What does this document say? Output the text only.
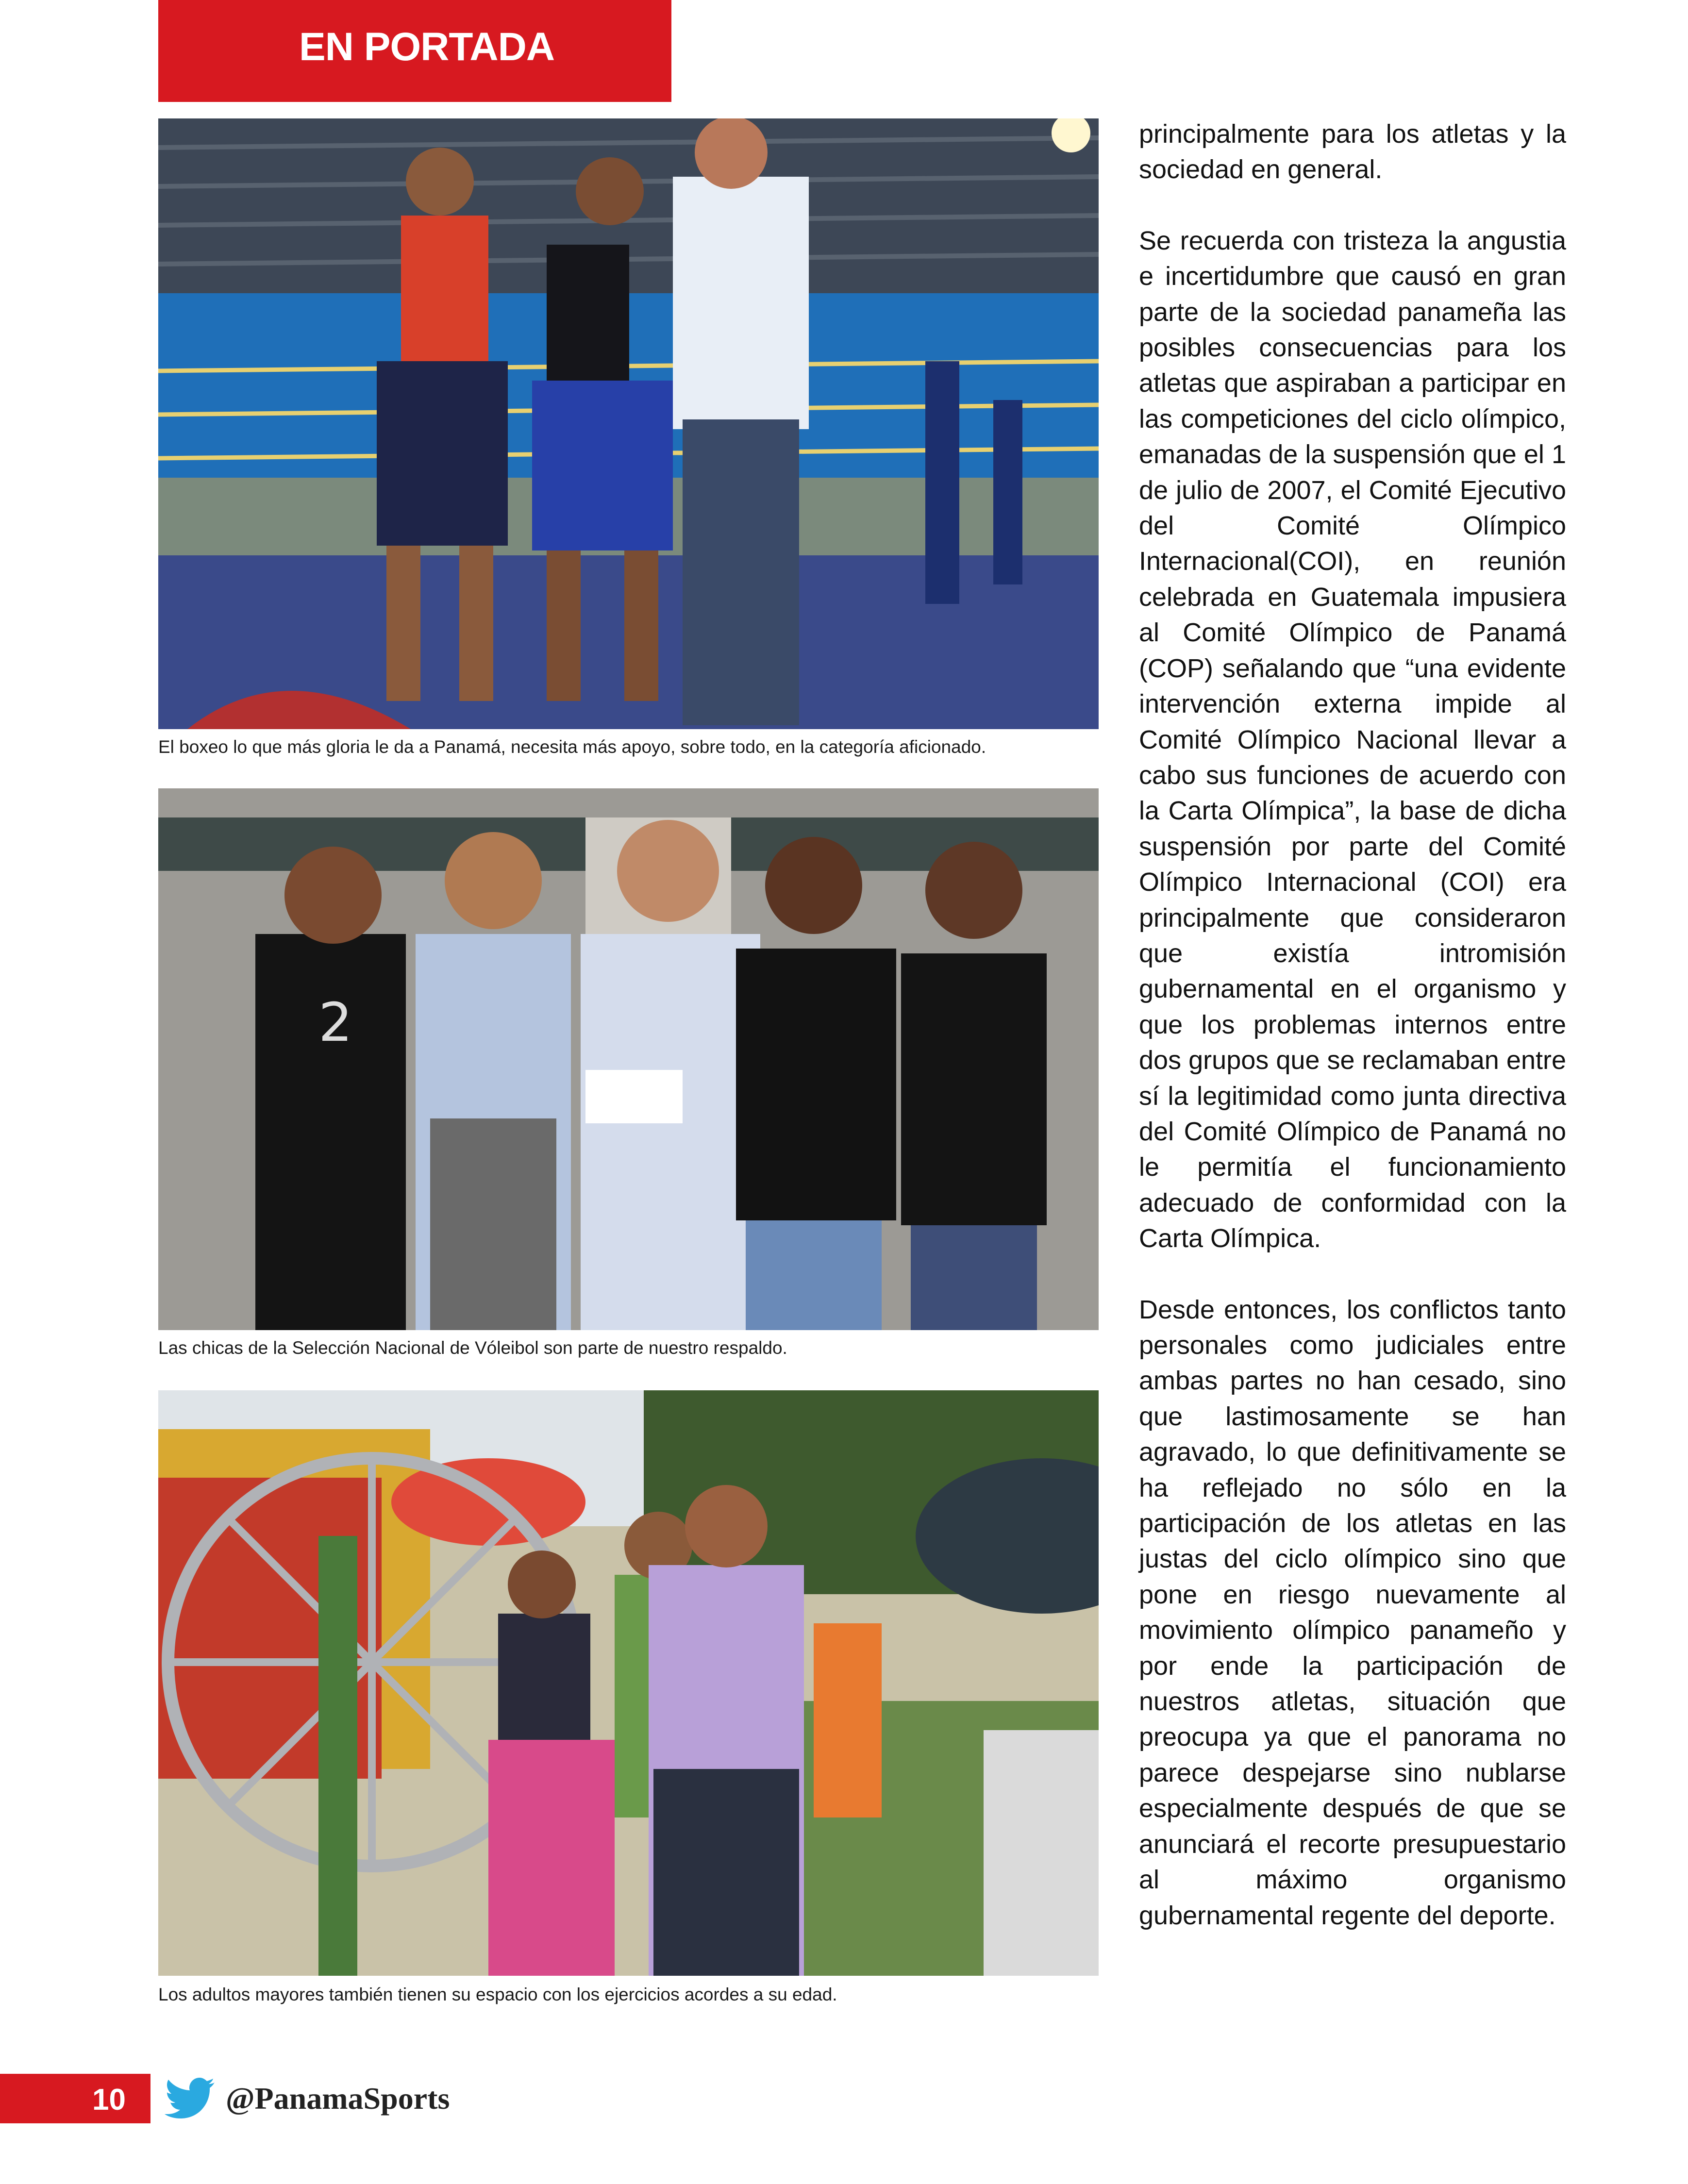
EN PORTADA
El boxeo lo que más gloria le da a Panamá, necesita más apoyo, sobre todo, en la categoría aficionado.
2
Las chicas de la Selección Nacional de Vóleibol son parte de nuestro respaldo.
Los adultos mayores también tienen su espacio con los ejercicios acordes a su edad.

principalmente para los atletas y la sociedad en general.

Se recuerda con tristeza la angustia e incertidumbre que causó en gran parte de la sociedad panameña las posibles consecuencias para los atletas que aspiraban a participar en las competiciones del ciclo olímpico, emanadas de la suspensión que el 1 de julio de 2007, el Comité Ejecutivo del Comité Olímpico Internacional(COI), en reunión celebrada en Guatemala impusiera al Comité Olímpico de Panamá (COP) señalando que “una evidente intervención externa impide al Comité Olímpico Nacional llevar a cabo sus funciones de acuerdo con la Carta Olímpica”, la base de dicha suspensión por parte del Comité Olímpico Internacional (COI) era principalmente que consideraron que existía intromisión gubernamental en el organismo y que los problemas internos entre dos grupos que se reclamaban entre sí la legitimidad como junta directiva del Comité Olímpico de Panamá no le permitía el funcionamiento adecuado de conformidad con la Carta Olímpica.

Desde entonces, los conflictos tanto personales como judiciales entre ambas partes no han cesado, sino que lastimosamente se han agravado, lo que definitivamente se ha reflejado no sólo en la participación de los atletas en las justas del ciclo olímpico sino que pone en riesgo nuevamente al movimiento olímpico panameño y por ende la participación de nuestros atletas, situación que preocupa ya que el panorama no parece despejarse sino nublarse especialmente después de que se anunciará el recorte presupuestario al máximo organismo gubernamental regente del deporte.

10	@PanamaSports
